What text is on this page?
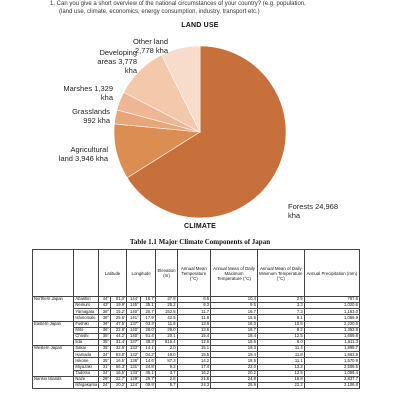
1. Can you give a short overview of the national circumstances of your country? (e.g. population,
(land use, climate, economics, energy consumption, industry, transport etc.)
LAND USE
Forests 24,968 kha
Agricultural land 3,946 kha
Grasslands 992 kha
Marshes 1,329 kha
Developing areas 3,778 kha
Other land 2,778 kha
CLIMATE
Table 1.1 Major Climate Components of Japan
		Latitude		Longitude		Elevation (m)	Annual Mean Temperature (°C)	Annual Mean of Daily Maximum Temperature (°C)	Annual Mean of Daily Minimum Temperature (°C)	Annual Precipitation (mm)
Northern Japan	Abashiri	44°	01.0'	144°	16.7'	37.8	6.5	10.4	2.5	787.6
	Nemuro	43°	19.9'	145°	35.1'	25.2	6.3	9.5	3.3	1,020.6
	Yamagata	38°	15.2'	140°	20.7'	152.5	11.7	16.7	7.3	1,163.0
	Ishinomaki	38°	25.6'	141°	17.9'	42.5	11.6	15.5	8.1	1,066.9
Eastern Japan	Fushiki	36°	47.5'	137°	03.3'	11.6	13.9	18.0	10.5	2,220.5
	Mito	36°	22.8'	140°	28.0'	29.0	13.6	18.7	9.2	1,353.8
	Choshi	35°	44.2'	140°	51.4'	20.1	15.4	18.4	12.5	1,659.8
	Iida	35°	31.4'	137°	49.3'	516.4	12.6	18.6	8.0	1,611.3
Western Japan	Sakai	35°	32.6'	133°	14.1'	2.0	15.1	19.3	11.4	1,895.7
	Hamada	34°	53.8'	132°	04.2'	19.0	15.5	19.4	11.8	1,663.8
	Hikone	35°	16.5'	136°	14.6'	87.3	14.2	18.5	11.1	1,570.9
	Miyazaki	31°	56.3'	131°	24.8'	9.2	17.4	22.0	13.2	2,508.5
	Tadotsu	34°	16.5'	133°	45.1'	3.7	16.2	20.2	12.5	1,066.4
Nansei Islands	Naze	28°	22.7'	129°	29.7'	2.8	21.6	24.8	18.8	2,837.7
	Ishigakijima	24°	20.2'	124°	09.9'	5.7	24.3	26.9	22.2	2,106.8
